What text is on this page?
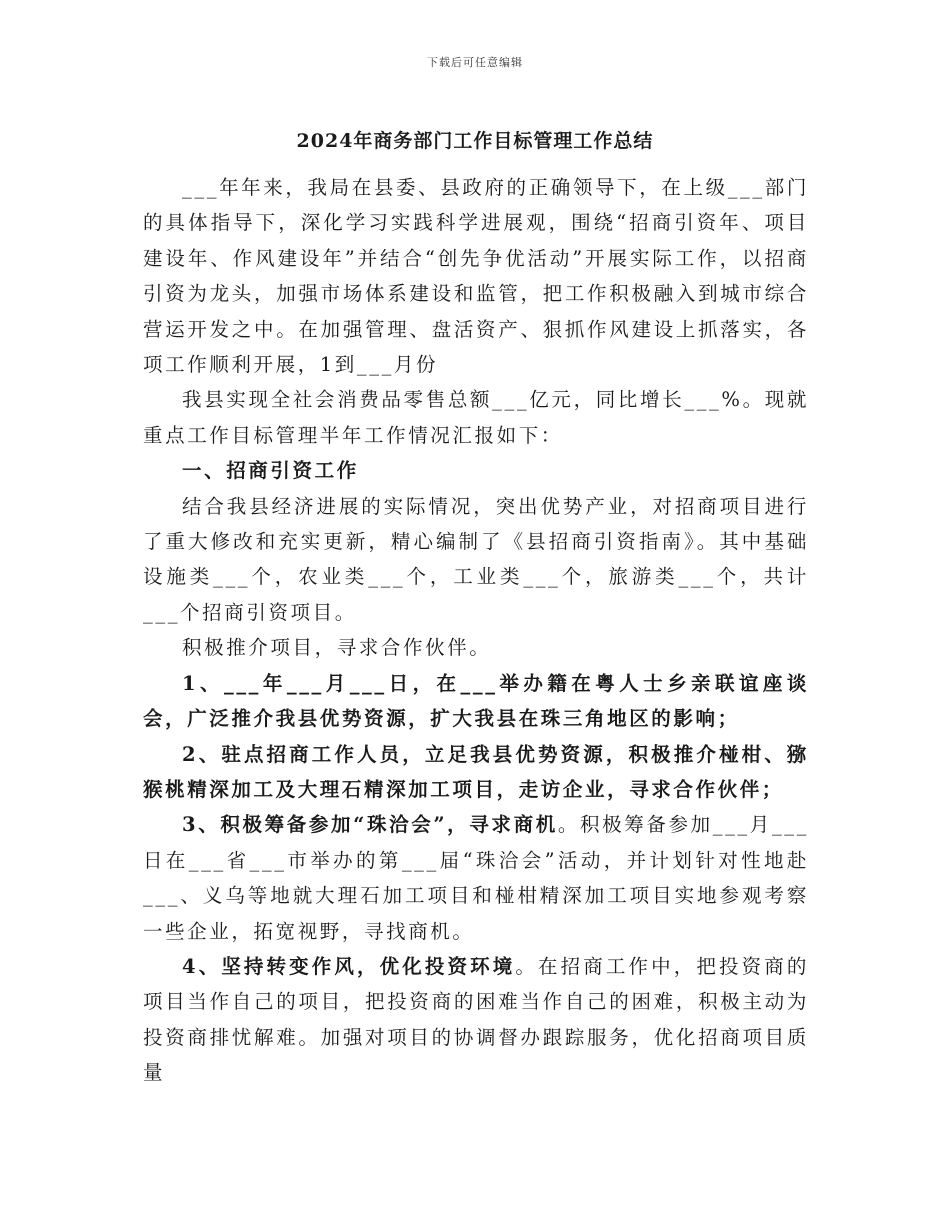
下载后可任意编辑
2024年商务部门工作目标管理工作总结

___年年来，我局在县委、县政府的正确领导下，在上级___部门的具体指导下，深化学习实践科学进展观，围绕“招商引资年、项目建设年、作风建设年”并结合“创先争优活动”开展实际工作，以招商引资为龙头，加强市场体系建设和监管，把工作积极融入到城市综合营运开发之中。在加强管理、盘活资产、狠抓作风建设上抓落实，各项工作顺利开展，1到___月份

我县实现全社会消费品零售总额___亿元，同比增长___%。现就重点工作目标管理半年工作情况汇报如下：

一、招商引资工作

结合我县经济进展的实际情况，突出优势产业，对招商项目进行了重大修改和充实更新，精心编制了《县招商引资指南》。其中基础设施类___个，农业类___个，工业类___个，旅游类___个，共计___个招商引资项目。

积极推介项目，寻求合作伙伴。

1、___年___月___日，在___举办籍在粤人士乡亲联谊座谈会，广泛推介我县优势资源，扩大我县在珠三角地区的影响；

2、驻点招商工作人员，立足我县优势资源，积极推介椪柑、猕猴桃精深加工及大理石精深加工项目，走访企业，寻求合作伙伴；

3、积极筹备参加“珠洽会”，寻求商机。积极筹备参加___月___日在___省___市举办的第___届“珠洽会”活动，并计划针对性地赴___、义乌等地就大理石加工项目和椪柑精深加工项目实地参观考察一些企业，拓宽视野，寻找商机。

4、坚持转变作风，优化投资环境。在招商工作中，把投资商的项目当作自己的项目，把投资商的困难当作自己的困难，积极主动为投资商排忧解难。加强对项目的协调督办跟踪服务，优化招商项目质量
